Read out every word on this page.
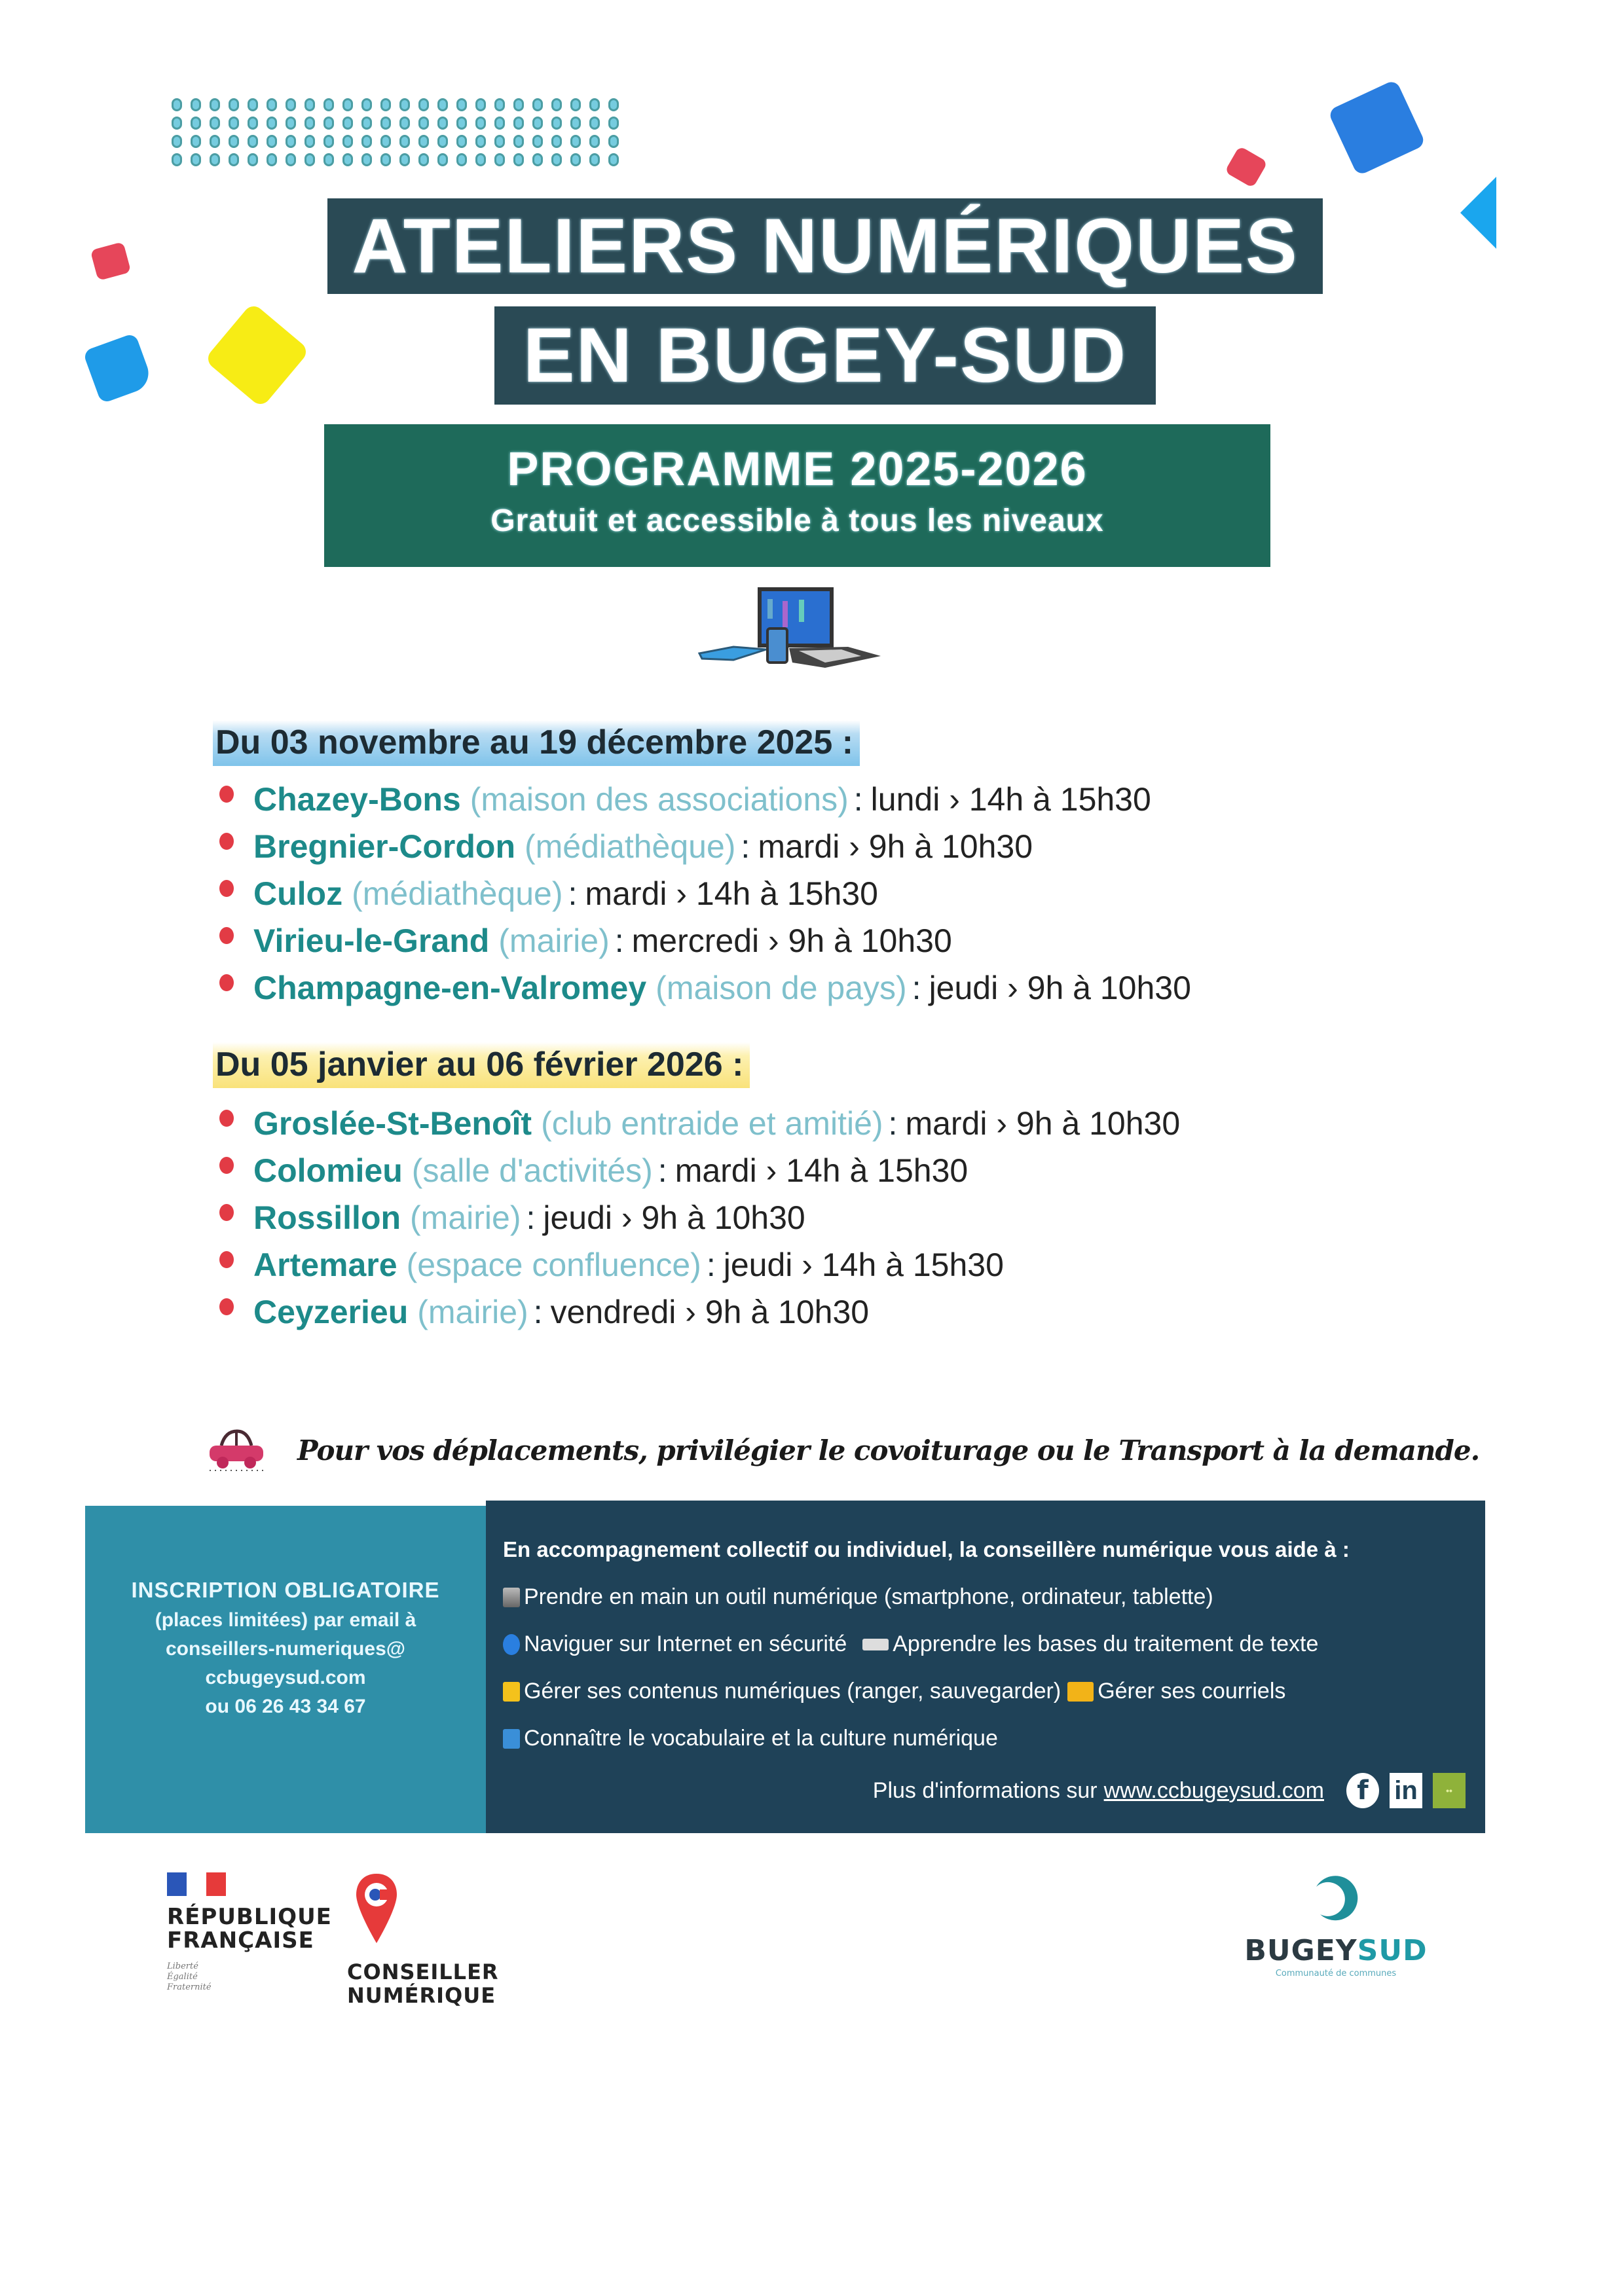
ATELIERS NUMÉRIQUES
EN BUGEY-SUD
PROGRAMME 2025-2026
Gratuit et accessible à tous les niveaux
Du 03 novembre au 19 décembre 2025 :
Chazey-Bons (maison des associations) : lundi › 14h à 15h30
Bregnier-Cordon (médiathèque) : mardi › 9h à 10h30
Culoz (médiathèque) : mardi › 14h à 15h30
Virieu-le-Grand (mairie) : mercredi › 9h à 10h30
Champagne-en-Valromey (maison de pays) : jeudi › 9h à 10h30
Du 05 janvier au 06 février 2026 :
Groslée-St-Benoît (club entraide et amitié) : mardi › 9h à 10h30
Colomieu (salle d'activités) : mardi › 14h à 15h30
Rossillon (mairie) : jeudi › 9h à 10h30
Artemare (espace confluence) : jeudi › 14h à 15h30
Ceyzerieu (mairie) : vendredi › 9h à 10h30
Pour vos déplacements, privilégier le covoiturage ou le Transport à la demande.
INSCRIPTION OBLIGATOIRE
(places limitées) par email à
conseillers-numeriques@
ccbugeysud.com
ou 06 26 43 34 67
En accompagnement collectif ou individuel, la conseillère numérique vous aide à :
Prendre en main un outil numérique (smartphone, ordinateur, tablette)
Naviguer sur Internet en sécurité Apprendre les bases du traitement de texte
Gérer ses contenus numériques (ranger, sauvegarder) Gérer ses courriels
Connaître le vocabulaire et la culture numérique
Plus d'informations sur www.ccbugeysud.com	f in	••
RÉPUBLIQUE
FRANÇAISE
Liberté
Égalité
Fraternité
CONSEILLER
NUMÉRIQUE
BUGEYSUD
Communauté de communes
